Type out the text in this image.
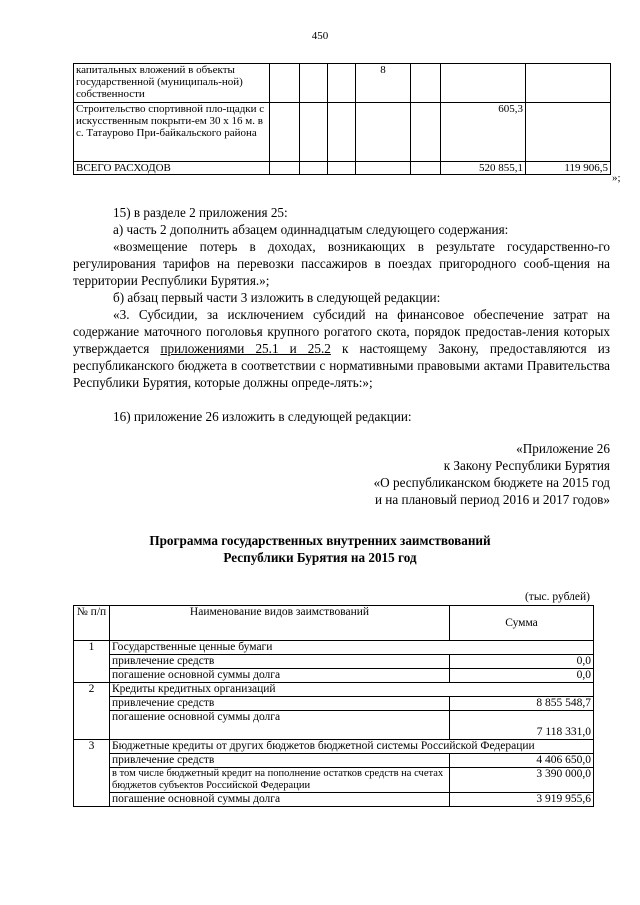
450
капитальных вложений в объекты государственной (муниципаль-ной) собственности				8			
Строительство спортивной пло-щадки с искусственным покрыти-ем 30 х 16 м. в с. Татаурово При-байкальского района						605,3	
ВСЕГО РАСХОДОВ						520 855,1	119 906,5
»;

15) в разделе 2 приложения 25:

а) часть 2 дополнить абзацем одиннадцатым следующего содержания:

«возмещение потерь в доходах, возникающих в результате государственно-го регулирования тарифов на перевозки пассажиров в поездах пригородного сооб-щения на территории Республики Бурятия.»;

б) абзац первый части 3 изложить в следующей редакции:

«3. Субсидии, за исключением субсидий на финансовое обеспечение затрат на содержание маточного поголовья крупного рогатого скота, порядок предостав-ления которых утверждается приложениями 25.1 и 25.2 к настоящему Закону, предоставляются из республиканского бюджета в соответствии с нормативными правовыми актами Правительства Республики Бурятия, которые должны опреде-лять:»;

16) приложение 26 изложить в следующей редакции:

«Приложение 26
к Закону Республики Бурятия
«О республиканском бюджете на 2015 год
и на плановый период 2016 и 2017 годов»
Программа государственных внутренних заимствований
Республики Бурятия на 2015 год
(тыс. рублей)
№ п/п	Наименование видов заимствований	Сумма
1	Государственные ценные бумаги	
	привлечение средств	0,0
	погашение основной суммы долга	0,0
2	Кредиты кредитных организаций	
	привлечение средств	8 855 548,7
	погашение основной суммы долга	7 118 331,0
3	Бюджетные кредиты от других бюджетов бюджетной системы Российской Федерации	
	привлечение средств	4 406 650,0
	в том числе бюджетный кредит на пополнение остатков средств на счетах бюджетов субъектов Российской Федерации	3 390 000,0
	погашение основной суммы долга	3 919 955,6
